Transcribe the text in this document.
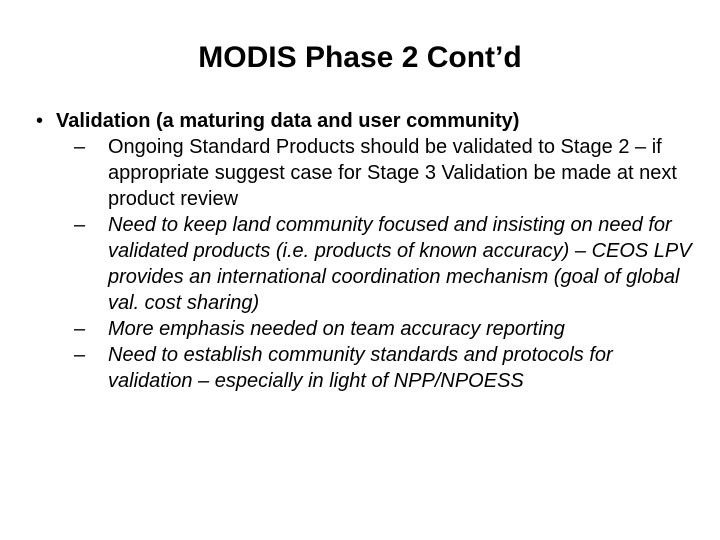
MODIS Phase 2 Cont’d
• Validation (a maturing data and user community)
– Ongoing Standard Products should be validated to Stage 2 – if appropriate suggest case for Stage 3 Validation be made at next product review
– Need to keep land community focused and insisting on need for validated products (i.e. products of known accuracy) – CEOS LPV provides an international coordination mechanism (goal of global val. cost sharing)
– More emphasis needed on team accuracy reporting
– Need to establish community standards and protocols for validation – especially in light of NPP/NPOESS
